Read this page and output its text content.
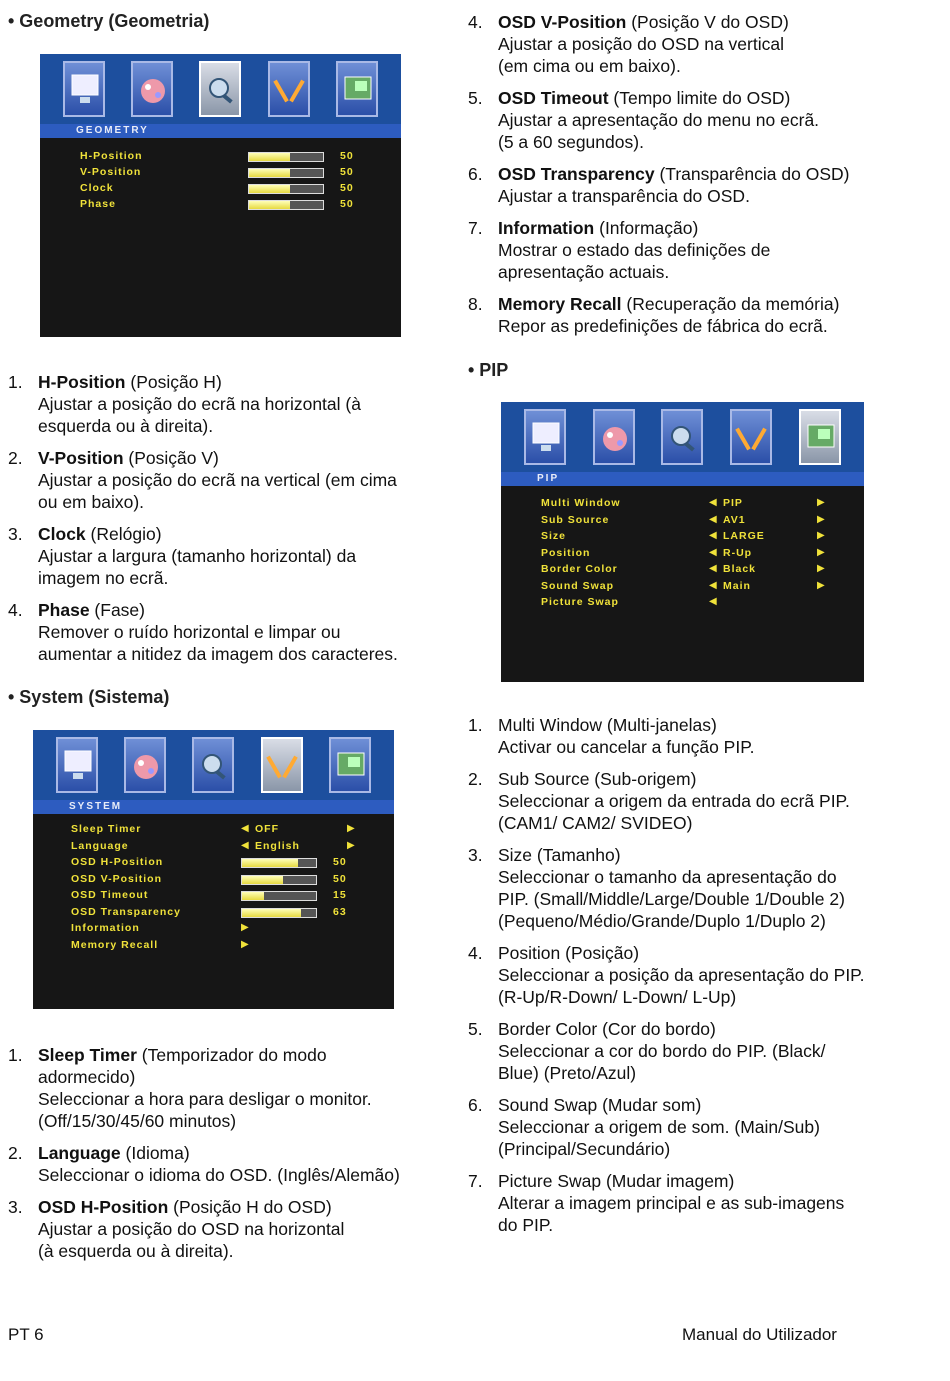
• Geometry (Geometria)
GEOMETRY
H-Position	50
V-Position	50
Clock	50
Phase	50
1. H-Position (Posição H)
Ajustar a posição do ecrã na horizontal (à
esquerda ou à direita).
2. V-Position (Posição V)
Ajustar a posição do ecrã na vertical (em cima
ou em baixo).
3. Clock (Relógio)
Ajustar a largura (tamanho horizontal) da
imagem no ecrã.
4. Phase (Fase)
Remover o ruído horizontal e limpar ou
aumentar a nitidez da imagem dos caracteres.
• System (Sistema)
SYSTEM
Sleep Timer	◀ OFF	▶
Language	◀ English	▶
OSD H-Position	50
OSD V-Position	50
OSD Timeout	15
OSD Transparency	63
Information	▶
Memory Recall	▶
1. Sleep Timer (Temporizador do modo
adormecido)
Seleccionar a hora para desligar o monitor.
(Off/15/30/45/60 minutos)
2. Language (Idioma)
Seleccionar o idioma do OSD. (Inglês/Alemão)
3. OSD H-Position (Posição H do OSD)
Ajustar a posição do OSD na horizontal
(à esquerda ou à direita).
4. OSD V-Position (Posição V do OSD)
Ajustar a posição do OSD na vertical
(em cima ou em baixo).
5. OSD Timeout (Tempo limite do OSD)
Ajustar a apresentação do menu no ecrã.
(5 a 60 segundos).
6. OSD Transparency (Transparência do OSD)
Ajustar a transparência do OSD.
7. Information (Informação)
Mostrar o estado das definições de
apresentação actuais.
8. Memory Recall (Recuperação da memória)
Repor as predefinições de fábrica do ecrã.
• PIP
PIP
Multi Window	◀ PIP	▶
Sub Source	◀ AV1	▶
Size	◀ LARGE	▶
Position	◀ R-Up	▶
Border Color	◀ Black	▶
Sound Swap	◀ Main	▶
Picture Swap	◀
1. Multi Window (Multi-janelas)
Activar ou cancelar a função PIP.
2. Sub Source (Sub-origem)
Seleccionar a origem da entrada do ecrã PIP.
(CAM1/ CAM2/ SVIDEO)
3. Size (Tamanho)
Seleccionar o tamanho da apresentação do
PIP. (Small/Middle/Large/Double 1/Double 2)
(Pequeno/Médio/Grande/Duplo 1/Duplo 2)
4. Position (Posição)
Seleccionar a posição da apresentação do PIP.
(R-Up/R-Down/ L-Down/ L-Up)
5. Border Color (Cor do bordo)
Seleccionar a cor do bordo do PIP. (Black/
Blue) (Preto/Azul)
6. Sound Swap (Mudar som)
Seleccionar a origem de som. (Main/Sub)
(Principal/Secundário)
7. Picture Swap (Mudar imagem)
Alterar a imagem principal e as sub-imagens
do PIP.
PT 6	Manual do Utilizador
